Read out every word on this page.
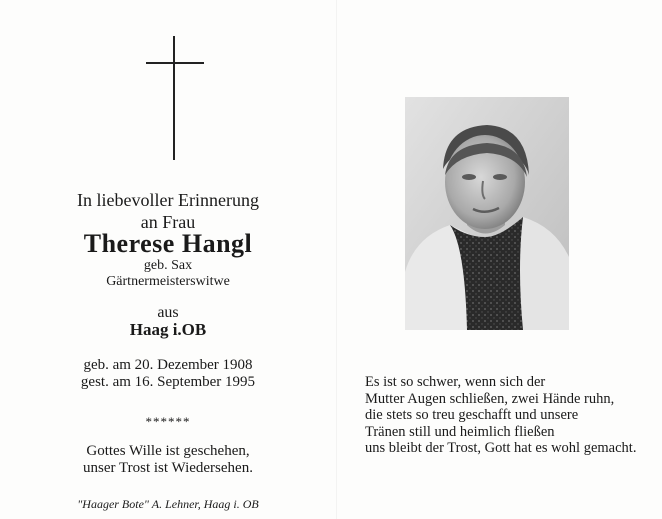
In liebevoller Erinnerung
an Frau
Therese Hangl
geb. Sax
Gärtnermeisterswitwe
aus
Haag i.OB
geb. am 20. Dezember 1908
gest. am 16. September 1995
******
Gottes Wille ist geschehen,
unser Trost ist Wiedersehen.
"Haager Bote" A. Lehner, Haag i. OB
Es ist so schwer, wenn sich der
Mutter Augen schließen, zwei Hände ruhn,
die stets so treu geschafft und unsere
Tränen still und heimlich fließen
uns bleibt der Trost, Gott hat es wohl gemacht.
